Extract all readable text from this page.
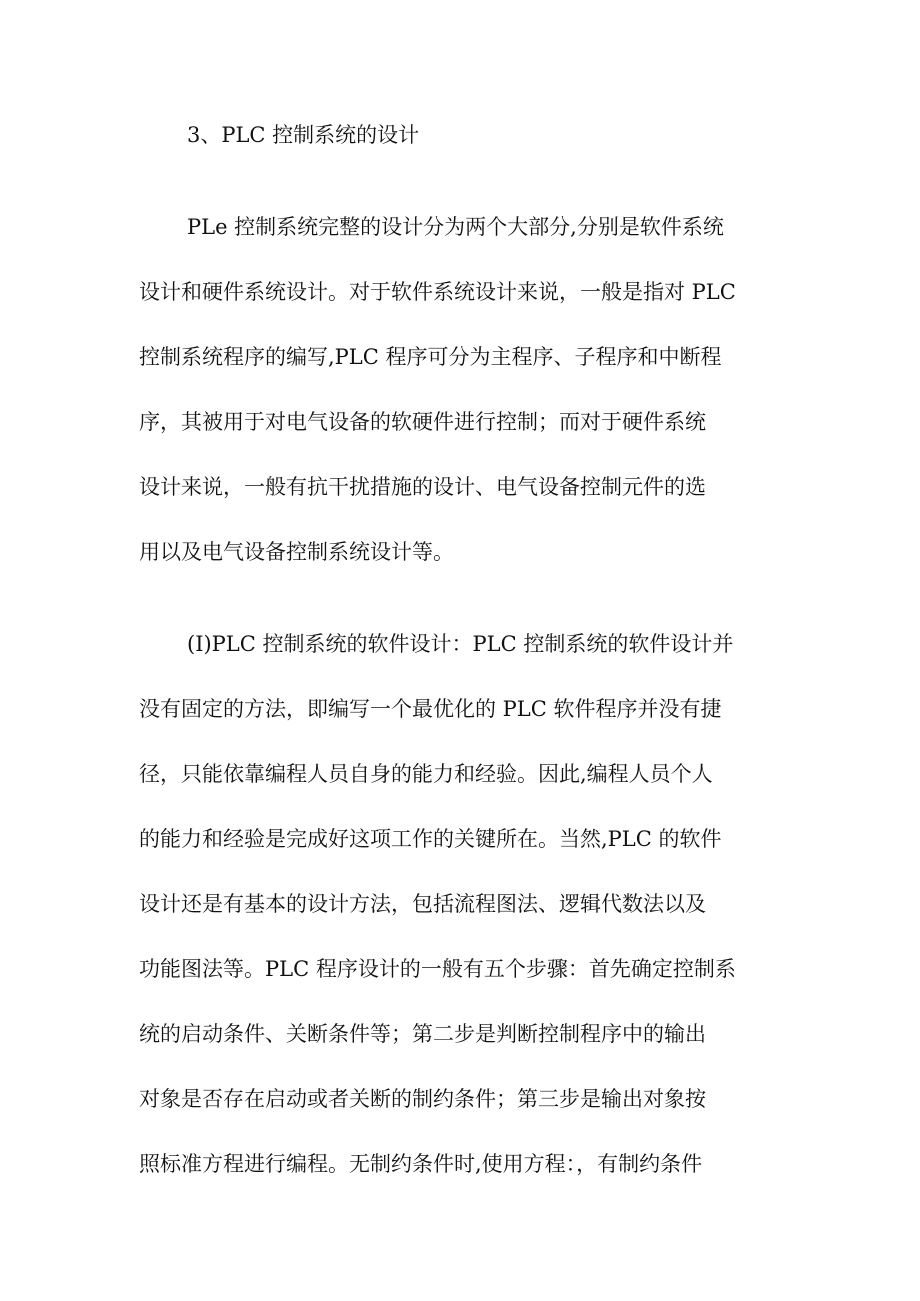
3、PLC 控制系统的设计
PLe 控制系统完整的设计分为两个大部分,分别是软件系统
设计和硬件系统设计。对于软件系统设计来说，一般是指对 PLC
控制系统程序的编写,PLC 程序可分为主程序、子程序和中断程
序，其被用于对电气设备的软硬件进行控制；而对于硬件系统
设计来说，一般有抗干扰措施的设计、电气设备控制元件的选
用以及电气设备控制系统设计等。
(I)PLC 控制系统的软件设计：PLC 控制系统的软件设计并
没有固定的方法，即编写一个最优化的 PLC 软件程序并没有捷
径，只能依靠编程人员自身的能力和经验。因此,编程人员个人
的能力和经验是完成好这项工作的关键所在。当然,PLC 的软件
设计还是有基本的设计方法，包括流程图法、逻辑代数法以及
功能图法等。PLC 程序设计的一般有五个步骤：首先确定控制系
统的启动条件、关断条件等；第二步是判断控制程序中的输出
对象是否存在启动或者关断的制约条件；第三步是输出对象按
照标准方程进行编程。无制约条件时,使用方程：，有制约条件
